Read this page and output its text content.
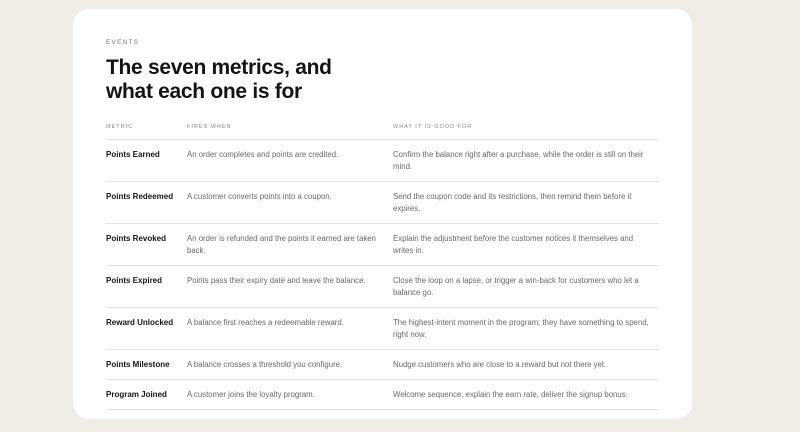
EVENTS

The seven metrics, and what each one is for
METRIC	FIRES WHEN	WHAT IT IS GOOD FOR
Points Earned	An order completes and points are credited.	Confirm the balance right after a purchase, while the order is still on their mind.
Points Redeemed	A customer converts points into a coupon.	Send the coupon code and its restrictions, then remind them before it expires.
Points Revoked	An order is refunded and the points it earned are taken back.	Explain the adjustment before the customer notices it themselves and writes in.
Points Expired	Points pass their expiry date and leave the balance.	Close the loop on a lapse, or trigger a win-back for customers who let a balance go.
Reward Unlocked	A balance first reaches a redeemable reward.	The highest-intent moment in the program: they have something to spend, right now.
Points Milestone	A balance crosses a threshold you configure.	Nudge customers who are close to a reward but not there yet.
Program Joined	A customer joins the loyalty program.	Welcome sequence, explain the earn rate, deliver the signup bonus.
